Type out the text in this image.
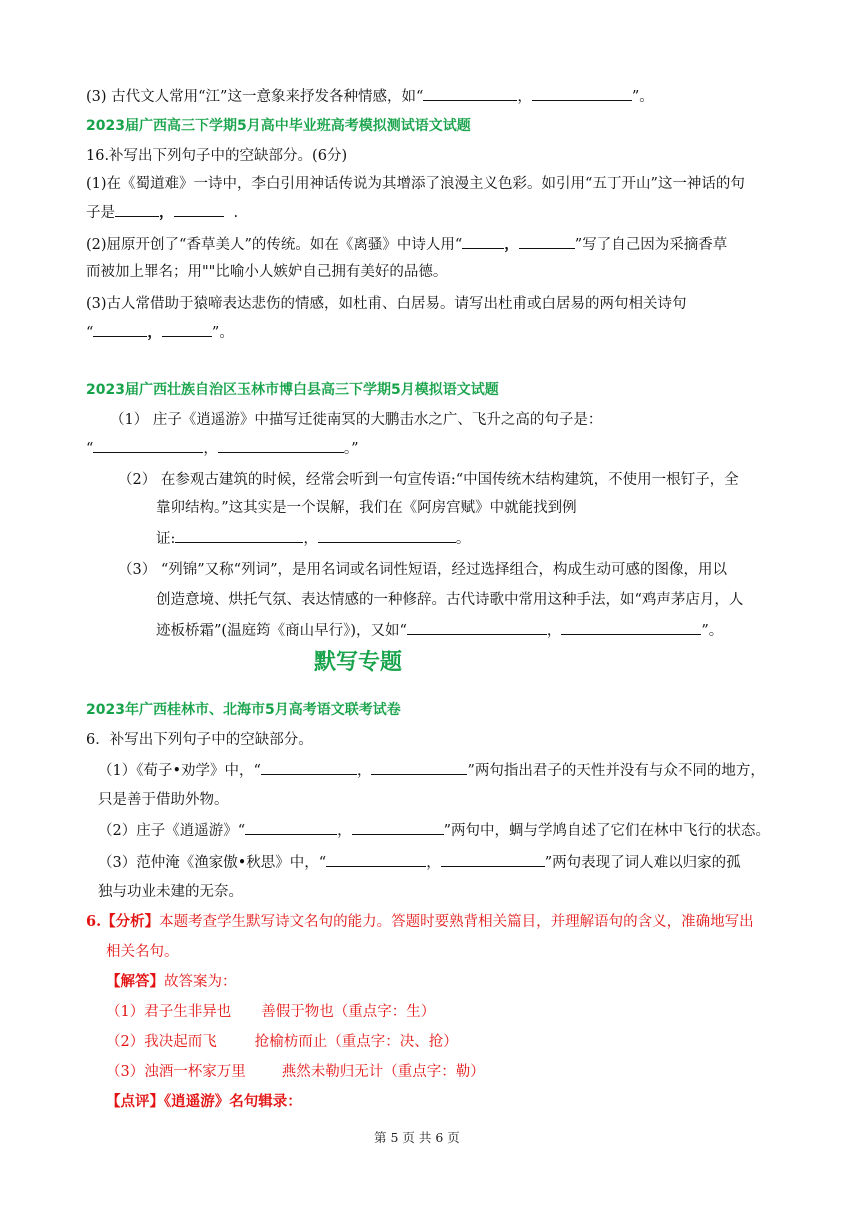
(3) 古代文人常用“江”这一意象来抒发各种情感，如“	，	”。
2023届广西高三下学期5月高中毕业班高考模拟测试语文试题
16.补写出下列句子中的空缺部分。(6分)
(1)在《蜀道难》一诗中，李白引用神话传说为其增添了浪漫主义色彩。如引用“五丁开山”这一神话的句
子是	，	.
(2)屈原开创了“香草美人”的传统。如在《离骚》中诗人用“	，	”写了自己因为采摘香草
而被加上罪名；用""比喻小人嫉妒自己拥有美好的品德。
(3)古人常借助于猿啼表达悲伤的情感，如杜甫、白居易。请写出杜甫或白居易的两句相关诗句
“	，	”。
2023届广西壮族自治区玉林市博白县高三下学期5月模拟语文试题
（1） 庄子《逍遥游》中描写迁徙南冥的大鹏击水之广、飞升之高的句子是：
“	，	。”
（2） 在参观古建筑的时候，经常会听到一句宣传语:“中国传统木结构建筑，不使用一根钉子，全
靠卯结构。”这其实是一个误解，我们在《阿房宫赋》中就能找到例
证:	，	。
（3） “列锦”又称“列词”，是用名词或名词性短语，经过选择组合，构成生动可感的图像，用以
创造意境、烘托气氛、表达情感的一种修辞。古代诗歌中常用这种手法，如“鸡声茅店月，人
迹板桥霜”(温庭筠《商山早行》)，又如“	，	”。
默写专题
2023年广西桂林市、北海市5月高考语文联考试卷
6．补写出下列句子中的空缺部分。
（1）《荀子•劝学》中，“	，	”两句指出君子的天性并没有与众不同的地方，
只是善于借助外物。
（2）庄子《逍遥游》“	，	”两句中，蜩与学鸠自述了它们在林中飞行的状态。
（3）范仲淹《渔家傲•秋思》中，“	，	”两句表现了词人难以归家的孤
独与功业未建的无奈。
6.【分析】本题考查学生默写诗文名句的能力。答题时要熟背相关篇目，并理解语句的含义，准确地写出
相关名句。
【解答】故答案为：
（1）君子生非异也 善假于物也（重点字：生）
（2）我决起而飞	抢榆枋而止（重点字：决、抢）
（3）浊酒一杯家万里 燕然未勒归无计（重点字：勒）
【点评】《逍遥游》名句辑录：
第 5 页 共 6 页
